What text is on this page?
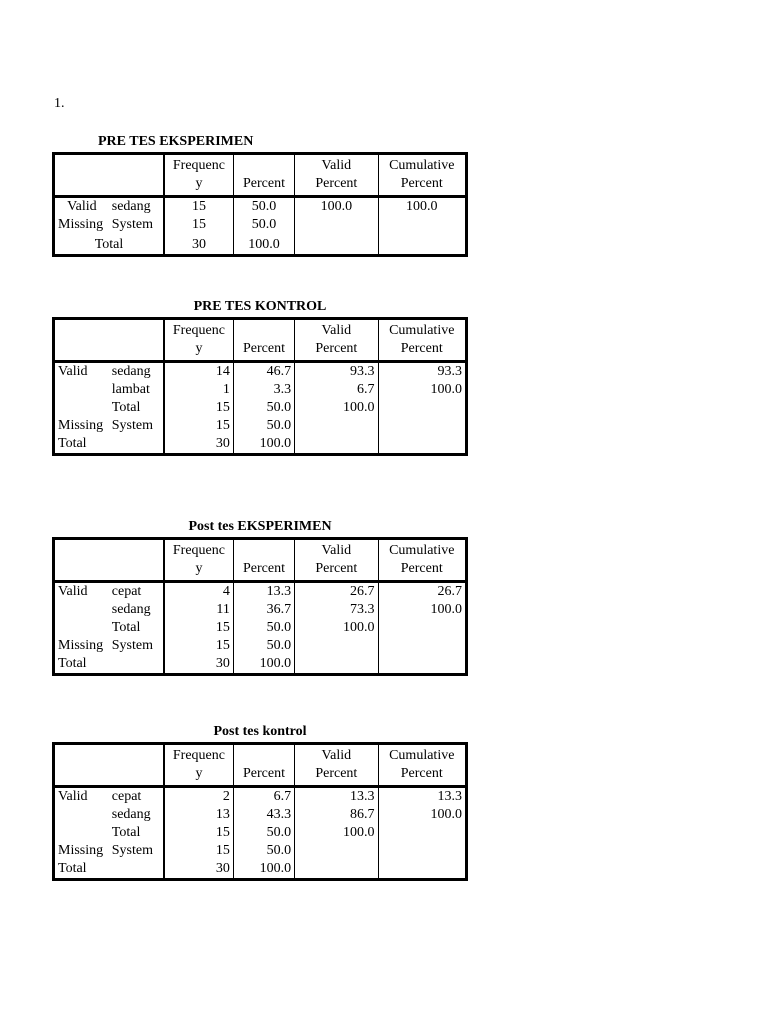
1.
PRE TES EKSPERIMEN
		Frequenc
y	Percent	Valid
Percent	Cumulative
Percent
Valid	sedang	15	50.0	100.0	100.0
Missing	System	15	50.0		
Total		30	100.0		
PRE TES KONTROL
		Frequenc
y	Percent	Valid
Percent	Cumulative
Percent
Valid	sedang	14	46.7	93.3	93.3
	lambat	1	3.3	6.7	100.0
	Total	15	50.0	100.0	
Missing	System	15	50.0		
Total		30	100.0		
Post tes EKSPERIMEN
		Frequenc
y	Percent	Valid
Percent	Cumulative
Percent
Valid	cepat	4	13.3	26.7	26.7
	sedang	11	36.7	73.3	100.0
	Total	15	50.0	100.0	
Missing	System	15	50.0		
Total		30	100.0		
Post tes kontrol
		Frequenc
y	Percent	Valid
Percent	Cumulative
Percent
Valid	cepat	2	6.7	13.3	13.3
	sedang	13	43.3	86.7	100.0
	Total	15	50.0	100.0	
Missing	System	15	50.0		
Total		30	100.0		
